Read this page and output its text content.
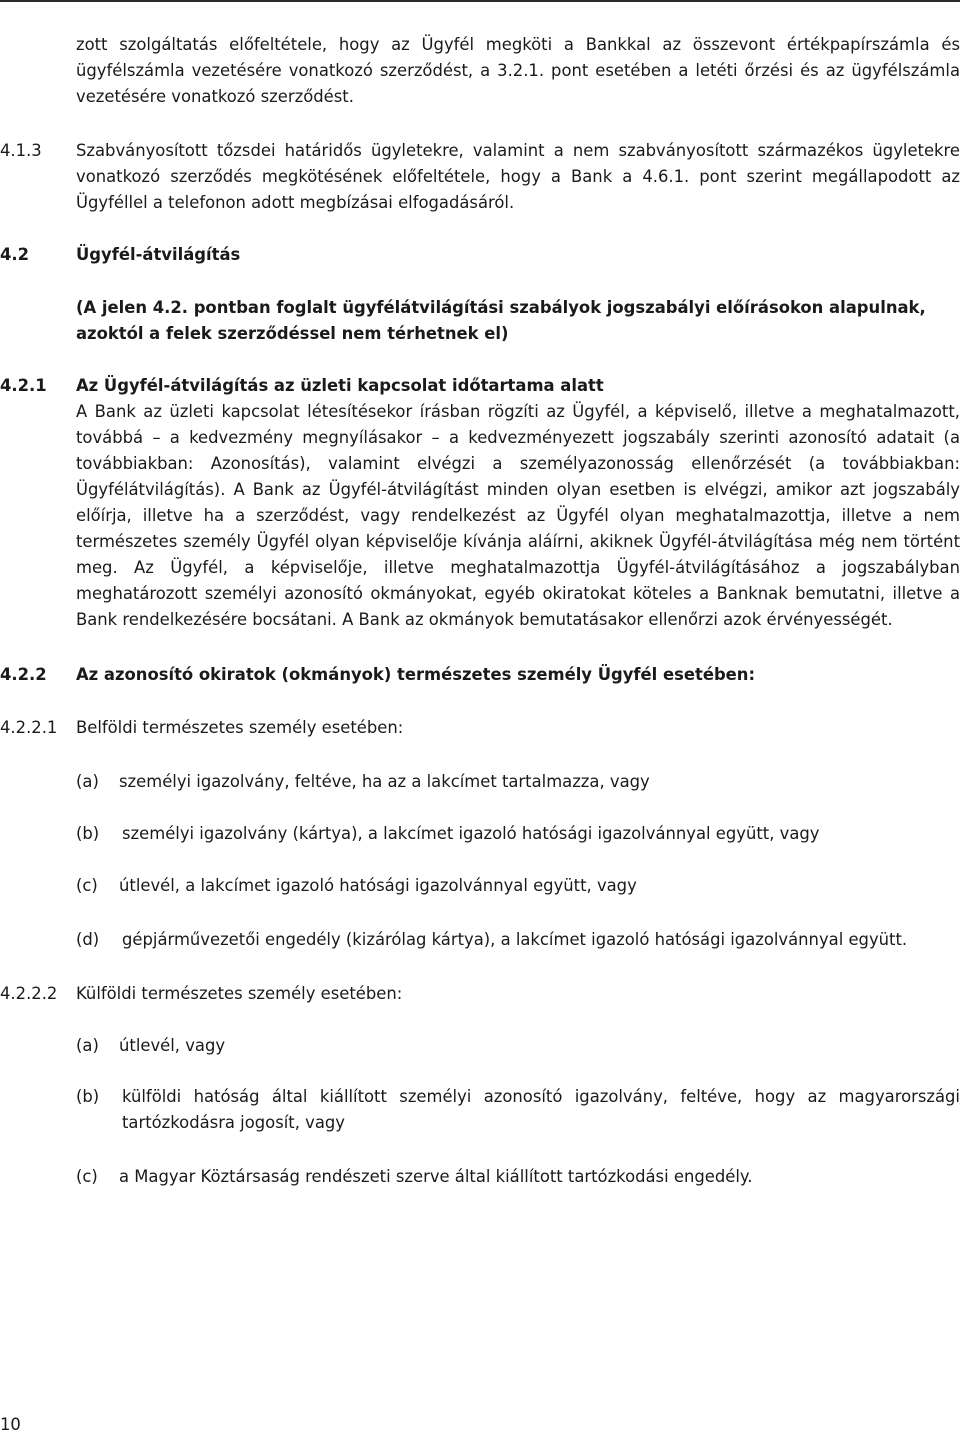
zott szolgáltatás előfeltétele, hogy az Ügyfél megköti a Bankkal az összevont értékpapírszámla és ügyfélszámla vezetésére vonatkozó szerződést, a 3.2.1. pont esetében a letéti őrzési és az ügyfélszámla vezetésére vonatkozó szerződést.

4.1.3 Szabványosított tőzsdei határidős ügyletekre, valamint a nem szabványosított származékos ügyletekre vonatkozó szerződés megkötésének előfeltétele, hogy a Bank a 4.6.1. pont szerint megállapodott az Ügyféllel a telefonon adott megbízásai elfogadásáról.

4.2	Ügyfél-átvilágítás

(A jelen 4.2. pontban foglalt ügyfélátvilágítási szabályok jogszabályi előírásokon alapulnak, azoktól a felek szerződéssel nem térhetnek el)

4.2.1 Az Ügyfél-átvilágítás az üzleti kapcsolat időtartama alatt

A Bank az üzleti kapcsolat létesítésekor írásban rögzíti az Ügyfél, a képviselő, illetve a meghatalmazott, továbbá – a kedvezmény megnyílásakor – a kedvezményezett jogszabály szerinti azonosító adatait (a továbbiakban: Azonosítás), valamint elvégzi a személyazonosság ellenőrzését (a továbbiakban: Ügyfélátvilágítás). A Bank az Ügyfél-átvilágítást minden olyan esetben is elvégzi, amikor azt jogszabály előírja, illetve ha a szerződést, vagy rendelkezést az Ügyfél olyan meghatalmazottja, illetve a nem természetes személy Ügyfél olyan képviselője kívánja aláírni, akiknek Ügyfél-átvilágítása még nem történt meg. Az Ügyfél, a képviselője, illetve meghatalmazottja Ügyfél-átvilágításához a jogszabályban meghatározott személyi azonosító okmányokat, egyéb okiratokat köteles a Banknak bemutatni, illetve a Bank rendelkezésére bocsátani. A Bank az okmányok bemutatásakor ellenőrzi azok érvényességét.

4.2.2 Az azonosító okiratok (okmányok) természetes személy Ügyfél esetében:

4.2.2.1 Belföldi természetes személy esetében:

(a) személyi igazolvány, feltéve, ha az a lakcímet tartalmazza, vagy
(b) személyi igazolvány (kártya), a lakcímet igazoló hatósági igazolvánnyal együtt, vagy
(c) útlevél, a lakcímet igazoló hatósági igazolvánnyal együtt, vagy
(d) gépjárművezetői engedély (kizárólag kártya), a lakcímet igazoló hatósági igazolvánnyal együtt.
4.2.2.2 Külföldi természetes személy esetében:

(a) útlevél, vagy
(b) külföldi hatóság által kiállított személyi azonosító igazolvány, feltéve, hogy az magyarországi tartózkodásra jogosít, vagy
(c) a Magyar Köztársaság rendészeti szerve által kiállított tartózkodási engedély.
10
